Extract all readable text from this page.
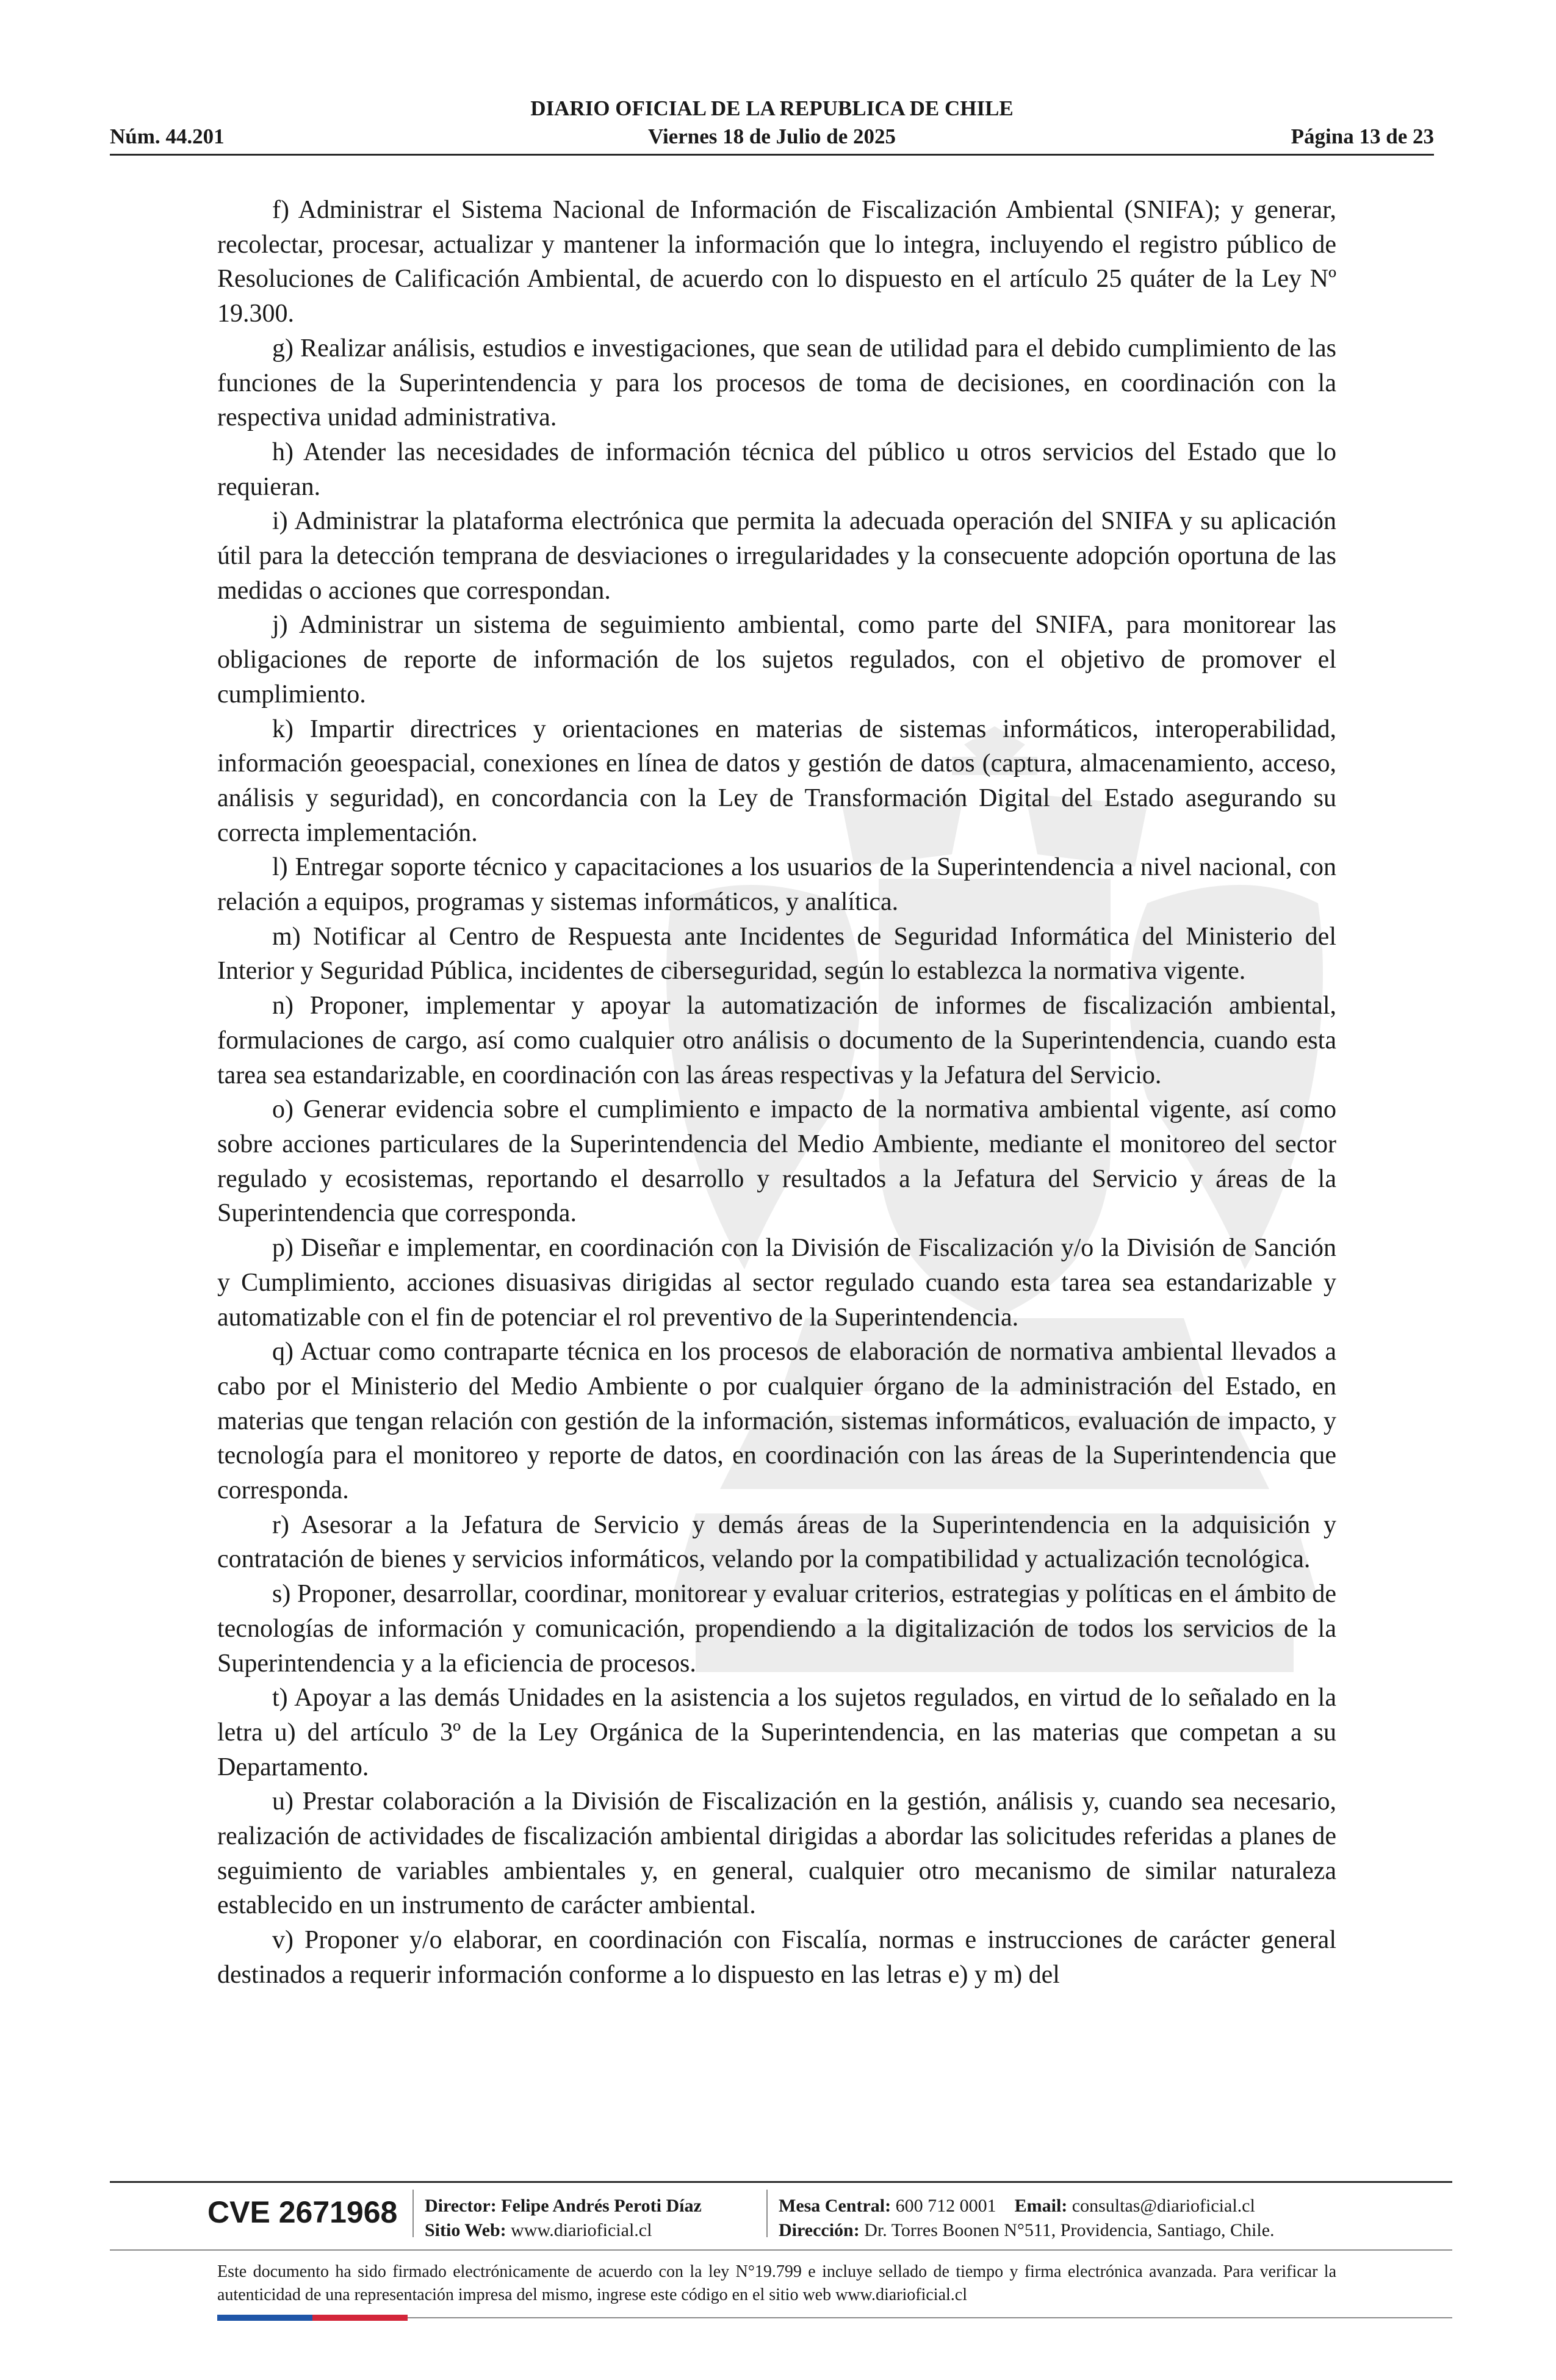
DIARIO OFICIAL DE LA REPUBLICA DE CHILE
Núm. 44.201	Viernes 18 de Julio de 2025	Página 13 de 23

f) Administrar el Sistema Nacional de Información de Fiscalización Ambiental (SNIFA); y generar, recolectar, procesar, actualizar y mantener la información que lo integra, incluyendo el registro público de Resoluciones de Calificación Ambiental, de acuerdo con lo dispuesto en el artículo 25 quáter de la Ley Nº 19.300.

g) Realizar análisis, estudios e investigaciones, que sean de utilidad para el debido cumplimiento de las funciones de la Superintendencia y para los procesos de toma de decisiones, en coordinación con la respectiva unidad administrativa.

h) Atender las necesidades de información técnica del público u otros servicios del Estado que lo requieran.

i) Administrar la plataforma electrónica que permita la adecuada operación del SNIFA y su aplicación útil para la detección temprana de desviaciones o irregularidades y la consecuente adopción oportuna de las medidas o acciones que correspondan.

j) Administrar un sistema de seguimiento ambiental, como parte del SNIFA, para monitorear las obligaciones de reporte de información de los sujetos regulados, con el objetivo de promover el cumplimiento.

k) Impartir directrices y orientaciones en materias de sistemas informáticos, interoperabilidad, información geoespacial, conexiones en línea de datos y gestión de datos (captura, almacenamiento, acceso, análisis y seguridad), en concordancia con la Ley de Transformación Digital del Estado asegurando su correcta implementación.

l) Entregar soporte técnico y capacitaciones a los usuarios de la Superintendencia a nivel nacional, con relación a equipos, programas y sistemas informáticos, y analítica.

m) Notificar al Centro de Respuesta ante Incidentes de Seguridad Informática del Ministerio del Interior y Seguridad Pública, incidentes de ciberseguridad, según lo establezca la normativa vigente.

n) Proponer, implementar y apoyar la automatización de informes de fiscalización ambiental, formulaciones de cargo, así como cualquier otro análisis o documento de la Superintendencia, cuando esta tarea sea estandarizable, en coordinación con las áreas respectivas y la Jefatura del Servicio.

o) Generar evidencia sobre el cumplimiento e impacto de la normativa ambiental vigente, así como sobre acciones particulares de la Superintendencia del Medio Ambiente, mediante el monitoreo del sector regulado y ecosistemas, reportando el desarrollo y resultados a la Jefatura del Servicio y áreas de la Superintendencia que corresponda.

p) Diseñar e implementar, en coordinación con la División de Fiscalización y/o la División de Sanción y Cumplimiento, acciones disuasivas dirigidas al sector regulado cuando esta tarea sea estandarizable y automatizable con el fin de potenciar el rol preventivo de la Superintendencia.

q) Actuar como contraparte técnica en los procesos de elaboración de normativa ambiental llevados a cabo por el Ministerio del Medio Ambiente o por cualquier órgano de la administración del Estado, en materias que tengan relación con gestión de la información, sistemas informáticos, evaluación de impacto, y tecnología para el monitoreo y reporte de datos, en coordinación con las áreas de la Superintendencia que corresponda.

r) Asesorar a la Jefatura de Servicio y demás áreas de la Superintendencia en la adquisición y contratación de bienes y servicios informáticos, velando por la compatibilidad y actualización tecnológica.

s) Proponer, desarrollar, coordinar, monitorear y evaluar criterios, estrategias y políticas en el ámbito de tecnologías de información y comunicación, propendiendo a la digitalización de todos los servicios de la Superintendencia y a la eficiencia de procesos.

t) Apoyar a las demás Unidades en la asistencia a los sujetos regulados, en virtud de lo señalado en la letra u) del artículo 3º de la Ley Orgánica de la Superintendencia, en las materias que competan a su Departamento.

u) Prestar colaboración a la División de Fiscalización en la gestión, análisis y, cuando sea necesario, realización de actividades de fiscalización ambiental dirigidas a abordar las solicitudes referidas a planes de seguimiento de variables ambientales y, en general, cualquier otro mecanismo de similar naturaleza establecido en un instrumento de carácter ambiental.

v) Proponer y/o elaborar, en coordinación con Fiscalía, normas e instrucciones de carácter general destinados a requerir información conforme a lo dispuesto en las letras e) y m) del

CVE 2671968 Director: Felipe Andrés Peroti Díaz
Sitio Web: www.diarioficial.cl
Mesa Central: 600 712 0001 Email: consultas@diarioficial.cl
Dirección: Dr. Torres Boonen N°511, Providencia, Santiago, Chile.
Este documento ha sido firmado electrónicamente de acuerdo con la ley N°19.799 e incluye sellado de tiempo y firma electrónica avanzada. Para verificar la autenticidad de una representación impresa del mismo, ingrese este código en el sitio web www.diarioficial.cl
